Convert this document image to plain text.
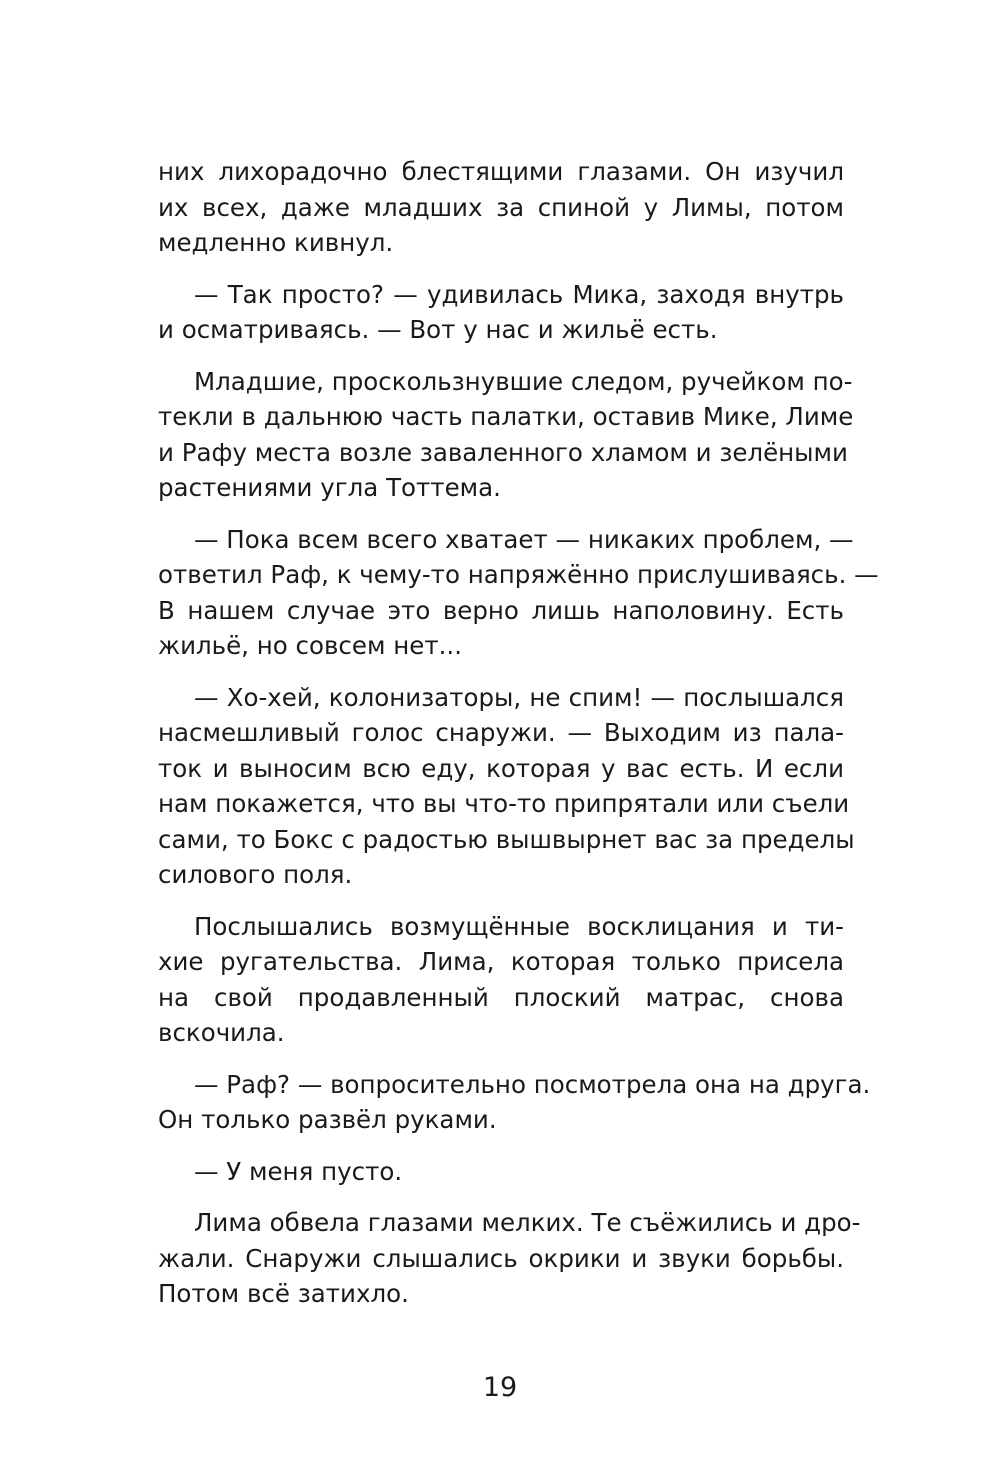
них лихорадочно блестящими глазами. Он изучил
их всех, даже младших за спиной у Лимы, потом
медленно кивнул.

— Так просто? — удивилась Мика, заходя внутрь
и осматриваясь. — Вот у нас и жильё есть.

Младшие, проскользнувшие следом, ручейком по-
текли в дальнюю часть палатки, оставив Мике, Лиме
и Рафу места возле заваленного хламом и зелёными
растениями угла Тоттема.

— Пока всем всего хватает — никаких проблем, —
ответил Раф, к чему-то напряжённо прислушиваясь. —
В нашем случае это верно лишь наполовину. Есть
жильё, но совсем нет...

— Хо-хей, колонизаторы, не спим! — послышался
насмешливый голос снаружи. — Выходим из пала-
ток и выносим всю еду, которая у вас есть. И если
нам покажется, что вы что-то припрятали или съели
сами, то Бокс с радостью вышвырнет вас за пределы
силового поля.

Послышались возмущённые восклицания и ти-
хие ругательства. Лима, которая только присела
на свой продавленный плоский матрас, снова
вскочила.

— Раф? — вопросительно посмотрела она на друга.
Он только развёл руками.

— У меня пусто.

Лима обвела глазами мелких. Те съёжились и дро-
жали. Снаружи слышались окрики и звуки борьбы.
Потом всё затихло.

19
